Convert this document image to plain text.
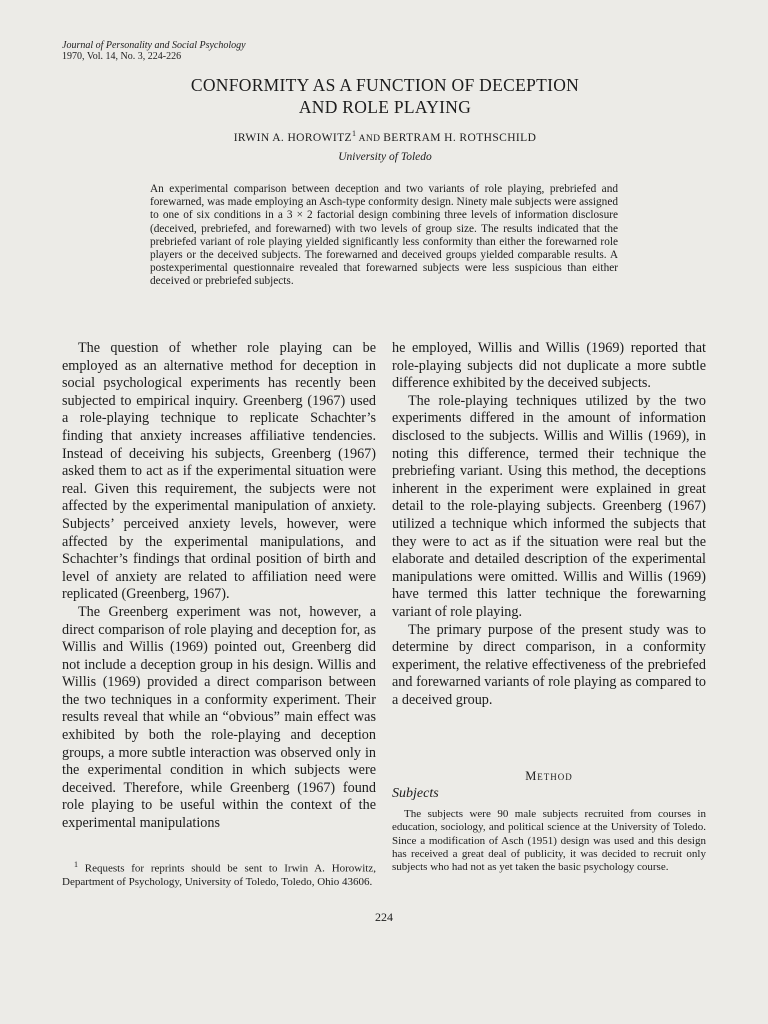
Journal of Personality and Social Psychology
1970, Vol. 14, No. 3, 224-226
CONFORMITY AS A FUNCTION OF DECEPTION
AND ROLE PLAYING
IRWIN A. HOROWITZ$^1$ AND BERTRAM H. ROTHSCHILD
University of Toledo
An experimental comparison between deception and two variants of role playing, prebriefed and forewarned, was made employing an Asch-type conformity design. Ninety male subjects were assigned to one of six conditions in a 3 × 2 factorial design combining three levels of information disclosure (deceived, prebriefed, and forewarned) with two levels of group size. The results indicated that the prebriefed variant of role playing yielded significantly less conformity than either the forewarned role players or the deceived subjects. The forewarned and deceived groups yielded comparable results. A postexperimental questionnaire revealed that forewarned subjects were less suspicious than either deceived or prebriefed subjects.

The question of whether role playing can be employed as an alternative method for deception in social psychological experiments has recently been subjected to empirical inquiry. Greenberg (1967) used a role-playing technique to replicate Schachter’s finding that anxiety increases affiliative tendencies. Instead of deceiving his subjects, Greenberg (1967) asked them to act as if the experimental situation were real. Given this requirement, the subjects were not affected by the experimental manipulation of anxiety. Subjects’ perceived anxiety levels, however, were affected by the experimental manipulations, and Schachter’s findings that ordinal position of birth and level of anxiety are related to affiliation need were replicated (Greenberg, 1967).

The Greenberg experiment was not, however, a direct comparison of role playing and deception for, as Willis and Willis (1969) pointed out, Greenberg did not include a deception group in his design. Willis and Willis (1969) provided a direct comparison between the two techniques in a conformity experiment. Their results reveal that while an “obvious” main effect was exhibited by both the role-playing and deception groups, a more subtle interaction was observed only in the experimental condition in which subjects were deceived. Therefore, while Greenberg (1967) found role playing to be useful within the context of the experimental manipulations

$^1$ Requests for reprints should be sent to Irwin A. Horowitz, Department of Psychology, University of Toledo, Toledo, Ohio 43606.

he employed, Willis and Willis (1969) reported that role-playing subjects did not duplicate a more subtle difference exhibited by the deceived subjects.

The role-playing techniques utilized by the two experiments differed in the amount of information disclosed to the subjects. Willis and Willis (1969), in noting this difference, termed their technique the prebriefing variant. Using this method, the deceptions inherent in the experiment were explained in great detail to the role-playing subjects. Greenberg (1967) utilized a technique which informed the subjects that they were to act as if the situation were real but the elaborate and detailed description of the experimental manipulations were omitted. Willis and Willis (1969) have termed this latter technique the forewarning variant of role playing.

The primary purpose of the present study was to determine by direct comparison, in a conformity experiment, the relative effectiveness of the prebriefed and forewarned variants of role playing as compared to a deceived group.

Method
Subjects
The subjects were 90 male subjects recruited from courses in education, sociology, and political science at the University of Toledo. Since a modification of Asch (1951) design was used and this design has received a great deal of publicity, it was decided to recruit only subjects who had not as yet taken the basic psychology course.
224
